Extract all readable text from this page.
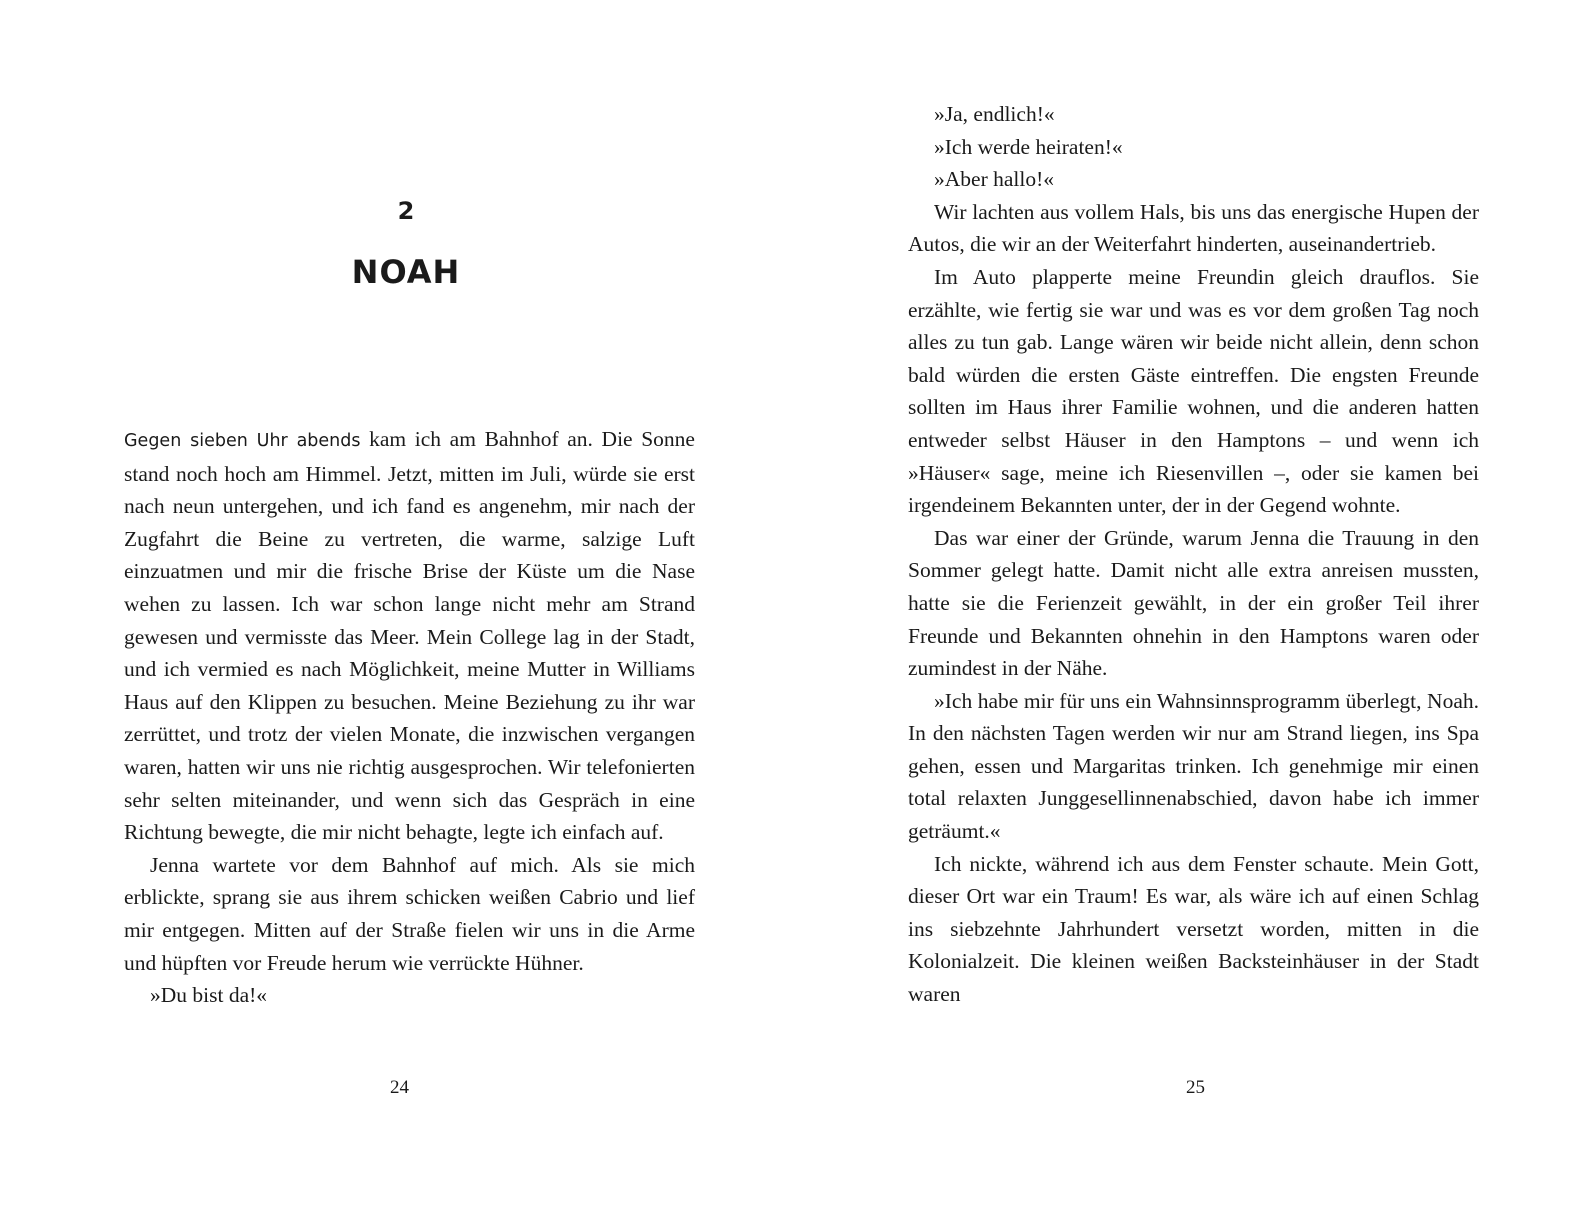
2
NOAH

Gegen sieben Uhr abends kam ich am Bahnhof an. Die Sonne stand noch hoch am Himmel. Jetzt, mitten im Juli, würde sie erst nach neun untergehen, und ich fand es angenehm, mir nach der Zugfahrt die Beine zu vertreten, die warme, salzige Luft einzuatmen und mir die frische Brise der Küste um die Nase wehen zu lassen. Ich war schon lange nicht mehr am Strand gewesen und vermisste das Meer. Mein College lag in der Stadt, und ich vermied es nach Möglichkeit, meine Mutter in Williams Haus auf den Klippen zu besuchen. Meine Beziehung zu ihr war zerrüttet, und trotz der vielen Monate, die inzwischen vergangen waren, hatten wir uns nie richtig ausgesprochen. Wir telefonierten sehr selten miteinander, und wenn sich das Gespräch in eine Richtung bewegte, die mir nicht behagte, legte ich einfach auf.

Jenna wartete vor dem Bahnhof auf mich. Als sie mich erblickte, sprang sie aus ihrem schicken weißen Cabrio und lief mir entgegen. Mitten auf der Straße fielen wir uns in die Arme und hüpften vor Freude herum wie verrückte Hühner.

»Du bist da!«

24

»Ja, endlich!«

»Ich werde heiraten!«

»Aber hallo!«

Wir lachten aus vollem Hals, bis uns das energische Hupen der Autos, die wir an der Weiterfahrt hinderten, auseinandertrieb.

Im Auto plapperte meine Freundin gleich drauflos. Sie erzählte, wie fertig sie war und was es vor dem großen Tag noch alles zu tun gab. Lange wären wir beide nicht allein, denn schon bald würden die ersten Gäste eintreffen. Die engsten Freunde sollten im Haus ihrer Familie wohnen, und die anderen hatten entweder selbst Häuser in den Hamptons – und wenn ich »Häuser« sage, meine ich Riesenvillen –, oder sie kamen bei irgendeinem Bekannten unter, der in der Gegend wohnte.

Das war einer der Gründe, warum Jenna die Trauung in den Sommer gelegt hatte. Damit nicht alle extra anreisen mussten, hatte sie die Ferienzeit gewählt, in der ein großer Teil ihrer Freunde und Bekannten ohnehin in den Hamptons waren oder zumindest in der Nähe.

»Ich habe mir für uns ein Wahnsinnsprogramm überlegt, Noah. In den nächsten Tagen werden wir nur am Strand liegen, ins Spa gehen, essen und Margaritas trinken. Ich genehmige mir einen total relaxten Junggesellinnenabschied, davon habe ich immer geträumt.«

Ich nickte, während ich aus dem Fenster schaute. Mein Gott, dieser Ort war ein Traum! Es war, als wäre ich auf einen Schlag ins siebzehnte Jahrhundert versetzt worden, mitten in die Kolonialzeit. Die kleinen weißen Backsteinhäuser in der Stadt waren

25
